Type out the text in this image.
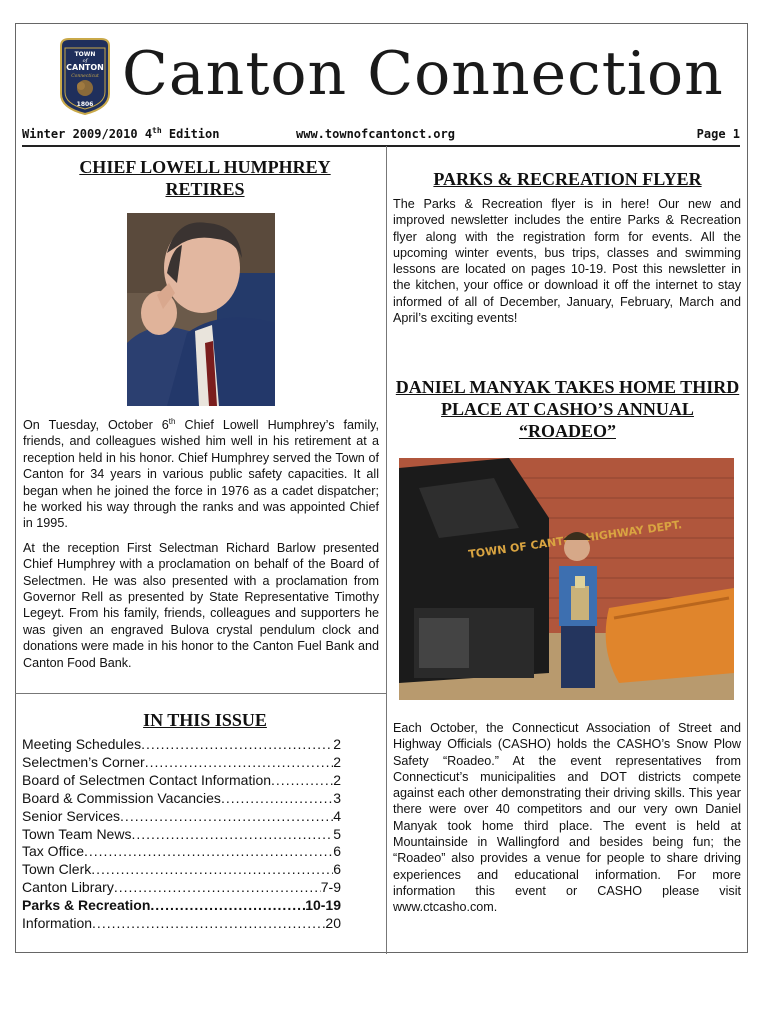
TOWN
of
CANTON
Connecticut
1806 Canton Connection
Winter 2009/2010 4th Edition	www.townofcantonct.org	Page 1
CHIEF LOWELL HUMPHREY RETIRES

On Tuesday, October 6th Chief Lowell Humphrey’s family, friends, and colleagues wished him well in his retirement at a reception held in his honor. Chief Humphrey served the Town of Canton for 34 years in various public safety capacities. It all began when he joined the force in 1976 as a cadet dispatcher; he worked his way through the ranks and was appointed Chief in 1995.

At the reception First Selectman Richard Barlow presented Chief Humphrey with a proclamation on behalf of the Board of Selectmen. He was also presented with a proclamation from Governor Rell as presented by State Representative Timothy Legeyt. From his family, friends, colleagues and supporters he was given an engraved Bulova crystal pendulum clock and donations were made in his honor to the Canton Fuel Bank and Canton Food Bank.

IN THIS ISSUE
Meeting Schedules .....	2
Selectmen’s Corner .....	2
Board of Selectmen Contact Information .....	2
Board & Commission Vacancies .....	3
Senior Services .....	4
Town Team News .....	5
Tax Office .....	6
Town Clerk .....	6
Canton Library .....	7-9
Parks & Recreation .....	10-19
Information .....	20
PARKS & RECREATION FLYER
The Parks & Recreation flyer is in here! Our new and improved newsletter includes the entire Parks & Recreation flyer along with the registration form for events. All the upcoming winter events, bus trips, classes and swimming lessons are located on pages 10-19. Post this newsletter in the kitchen, your office or download it off the internet to stay informed of all of December, January, February, March and April’s exciting events!
DANIEL MANYAK TAKES HOME THIRD PLACE AT CASHO’S ANNUAL “ROADEO”
TOWN OF CANTON HIGHWAY DEPT.
Each October, the Connecticut Association of Street and Highway Officials (CASHO) holds the CASHO’s Snow Plow Safety “Roadeo.” At the event representatives from Connecticut’s municipalities and DOT districts compete against each other demonstrating their driving skills. This year there were over 40 competitors and our very own Daniel Manyak took home third place. The event is held at Mountainside in Wallingford and besides being fun; the “Roadeo” also provides a venue for people to share driving experiences and educational information. For more information this event or CASHO please visit www.ctcasho.com.
